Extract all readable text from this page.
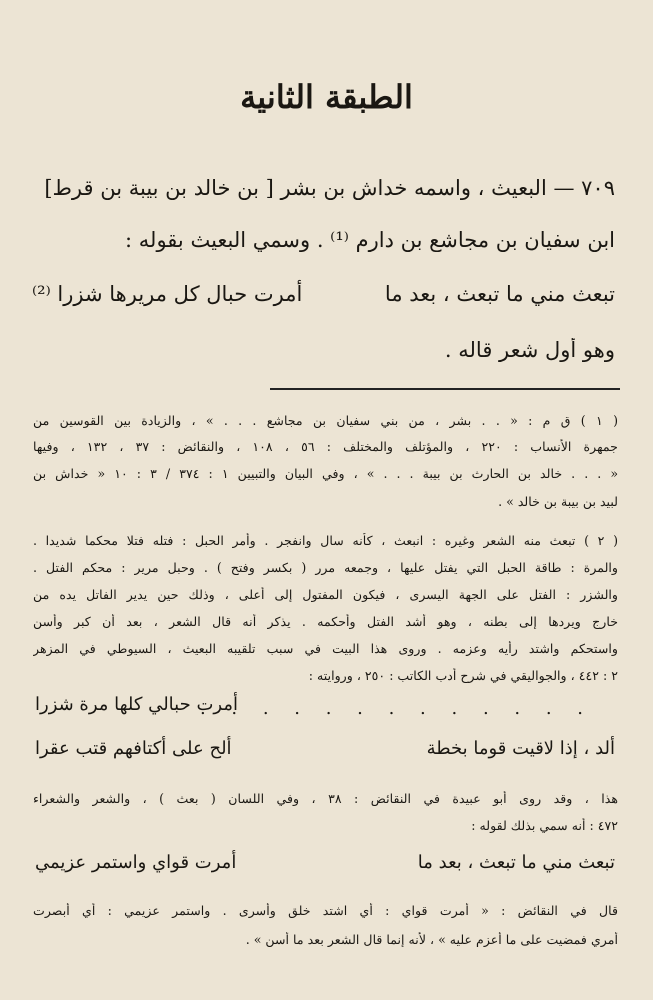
الطبقة الثانية
٧٠٩ — البعيث ، واسمه خداش بن بشر [ بن خالد بن بيبة بن قرط]
ابن سفيان بن مجاشع بن دارم ⁽¹⁾ . وسمي البعيث بقوله :
تبعث مني ما تبعث ، بعد ما
أمرت حبال كل مريرها شزرا ⁽²⁾
وهو أول شعر قاله .
( ١ ) ق م : « . . بشر ، من بني سفيان بن مجاشع . . . » ، والزيادة بين القوسين من
جمهرة الأنساب : ٢٢٠ ، والمؤتلف والمختلف : ٥٦ ، ١٠٨ ، والنقائض : ٣٧ ، ١٣٢ ، وفيها
« . . . خالد بن الحارث بن بيبة . . . » ، وفي البيان والتبيين ١ : ٣٧٤ / ٣ : ١٠ « خداش بن
لبيد بن بيبة بن خالد » .
( ٢ ) تبعث منه الشعر وغيره : انبعث ، كأنه سال وانفجر . وأمر الحبل : فتله فتلا محكما شديدا .
والمرة : طاقة الحبل التي يفتل عليها ، وجمعه مرر ( بكسر وفتح ) . وحبل مرير : محكم الفتل .
والشزر : الفتل على الجهة اليسرى ، فيكون المفتول إلى أعلى ، وذلك حين يدير الفاتل يده من
خارج ويردها إلى بطنه ، وهو أشد الفتل وأحكمه . يذكر أنه قال الشعر ، بعد أن كبر وأسن
واستحكم واشتد رأيه وعزمه . وروى هذا البيت في سبب تلقيبه البعيث ، السيوطي في المزهر
٢ : ٤٤٢ ، والجواليقي في شرح أدب الكاتب : ٢٥٠ ، وروايته :
. . . . . . . . . . . . .
أمرت حبالي كلها مرة شزرا
ألد ، إذا لاقيت قوما بخطة
ألح على أكتافهم قتب عقرا
هذا ، وقد روى أبو عبيدة في النقائض : ٣٨ ، وفي اللسان ( بعث ) ، والشعر والشعراء
٤٧٢ : أنه سمي بذلك لقوله :
تبعث مني ما تبعث ، بعد ما
أمرت قواي واستمر عزيمي
قال في النقائض : « أمرت قواي : أي اشتد خلق وأسرى . واستمر عزيمي : أي أبصرت
أمري فمضيت على ما أعزم عليه » ، لأنه إنما قال الشعر بعد ما أسن » .
